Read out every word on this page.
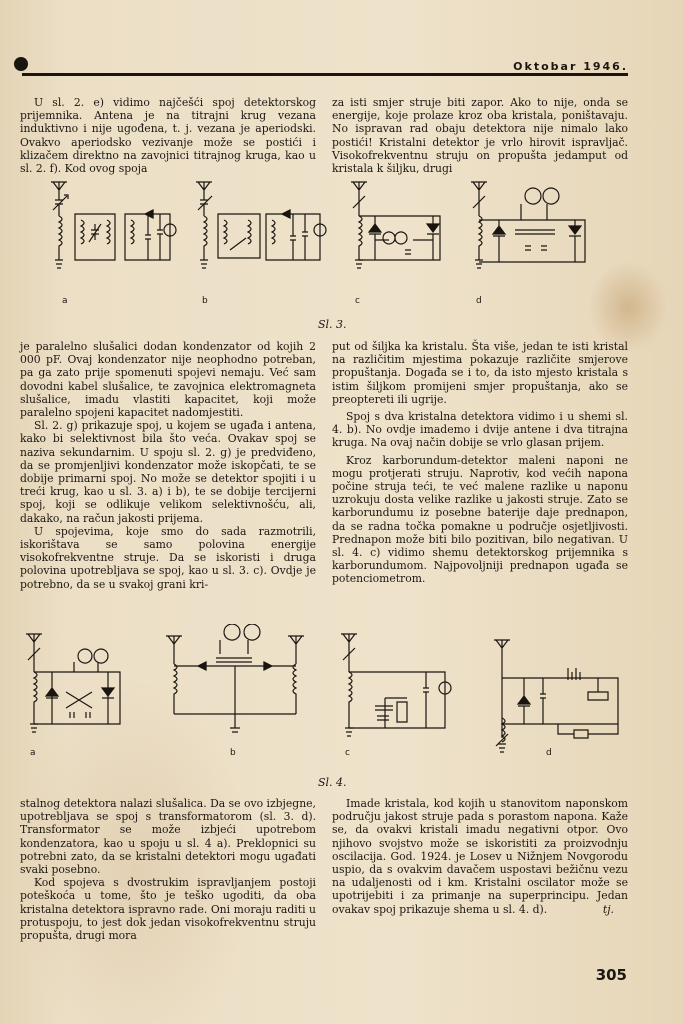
Oktobar 1946.

U sl. 2. e) vidimo najčešći spoj detektorskog prijemnika. Antena je na titrajni krug vezana induktivno i nije ugođena, t. j. vezana je aperiodski. Ovakvo aperiodsko vezivanje može se postići i klizačem direktno na zavojnici titrajnog kruga, kao u sl. 2. f). Kod ovog spoja

za isti smjer struje biti zapor. Ako to nije, onda se energije, koje prolaze kroz oba kristala, poništavaju. No ispravan rad obaju detektora nije nimalo lako postići! Kristalni detektor je vrlo hirovit ispravljač. Visokofrekventnu struju on propušta jedamput od kristala k šiljku, drugi

a	b	c	d
Sl. 3.

je paralelno slušalici dodan kondenzator od kojih 2 000 pF. Ovaj kondenzator nije neophodno potreban, pa ga zato prije spomenuti spojevi nemaju. Već sam dovodni kabel slušalice, te zavojnica elektromagneta slušalice, imadu vlastiti kapacitet, koji može paralelno spojeni kapacitet nadomjestiti.

Sl. 2. g) prikazuje spoj, u kojem se ugađa i antena, kako bi selektivnost bila što veća. Ovakav spoj se naziva sekundarnim. U spoju sl. 2. g) je predviđeno, da se promjenljivi kondenzator može iskopčati, te se dobije primarni spoj. No može se detektor spojiti i u treći krug, kao u sl. 3. a) i b), te se dobije tercijerni spoj, koji se odlikuje velikom selektivnošću, ali, dakako, na račun jakosti prijema.

U spojevima, koje smo do sada razmotrili, iskorištava se samo polovina energije visokofrekventne struje. Da se iskoristi i druga polovina upotrebljava se spoj, kao u sl. 3. c). Ovdje je potrebno, da se u svakoj grani kri-

put od šiljka ka kristalu. Šta više, jedan te isti kristal na različitim mjestima pokazuje različite smjerove propuštanja. Događa se i to, da isto mjesto kristala s istim šiljkom promijeni smjer propuštanja, ako se preoptereti ili ugrije.

Spoj s dva kristalna detektora vidimo i u shemi sl. 4. b). No ovdje imademo i dvije antene i dva titrajna kruga. Na ovaj način dobije se vrlo glasan prijem.

Kroz karborundum-detektor maleni naponi ne mogu protjerati struju. Naprotiv, kod većih napona počine struja teći, te već malene razlike u naponu uzrokuju dosta velike razlike u jakosti struje. Zato se karborundumu iz posebne baterije daje prednapon, da se radna točka pomakne u područje osjetljivosti. Prednapon može biti bilo pozitivan, bilo negativan. U sl. 4. c) vidimo shemu detektorskog prijemnika s karborundumom. Najpovoljniji prednapon ugađa se potenciometrom.

a	b	c	d
Sl. 4.

stalnog detektora nalazi slušalica. Da se ovo izbjegne, upotrebljava se spoj s transformatorom (sl. 3. d). Transformator se može izbjeći upotrebom kondenzatora, kao u spoju u sl. 4 a). Preklopnici su potrebni zato, da se kristalni detektori mogu ugađati svaki posebno.

Kod spojeva s dvostrukim ispravljanjem postoji poteškoća u tome, što je teško ugoditi, da oba kristalna detektora ispravno rade. Oni moraju raditi u protuspoju, to jest dok jedan visokofrekventnu struju propušta, drugi mora

Imade kristala, kod kojih u stanovitom naponskom području jakost struje pada s porastom napona. Kaže se, da ovakvi kristali imadu negativni otpor. Ovo njihovo svojstvo može se iskoristiti za proizvodnju oscilacija. God. 1924. je Losev u Nižnjem Novgorodu uspio, da s ovakvim davačem uspostavi bežičnu vezu na udaljenosti od i km. Kristalni oscilator može se upotrijebiti i za primanje na superprincipu. Jedan ovakav spoj prikazuje shema u sl. 4. d).	tj.
305
